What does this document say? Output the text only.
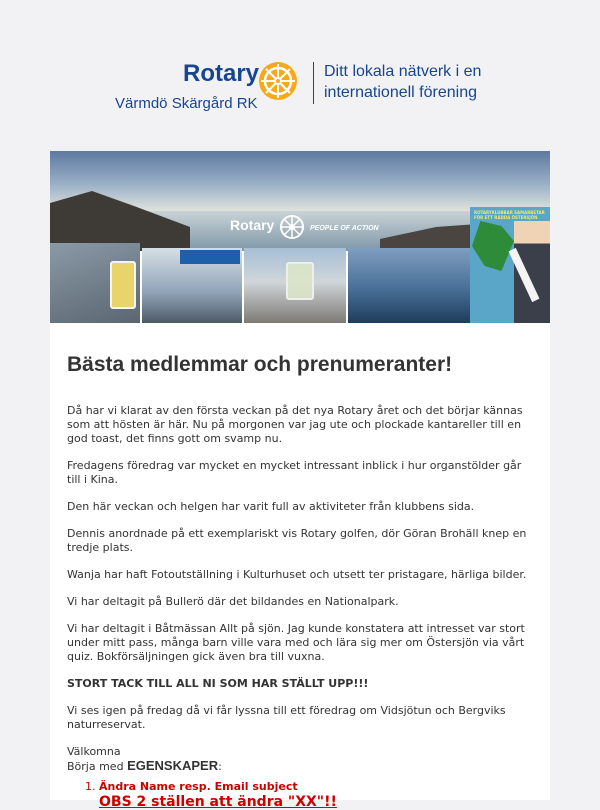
Rotary
Värmdö Skärgård RK
Ditt lokala nätverk i en
internationell förening
Rotary	PEOPLE OF ACTION
ROTARYKLUBBAR SAMARBETAR FÖR ETT RÅDDA ÖSTERSJÖN
Bästa medlemmar och prenumeranter!

Då har vi klarat av den första veckan på det nya Rotary året och det börjar kännas som att hösten är här. Nu på morgonen var jag ute och plockade kantareller till en god toast, det finns gott om svamp nu.

Fredagens föredrag var mycket en mycket intressant inblick i hur organstölder går till i Kina.

Den här veckan och helgen har varit full av aktiviteter från klubbens sida.

Dennis anordnade på ett exemplariskt vis Rotary golfen, dör Göran Brohäll knep en tredje plats.

Wanja har haft Fotoutställning i Kulturhuset och utsett ter pristagare, härliga bilder.

Vi har deltagit på Bullerö där det bildandes en Nationalpark.

Vi har deltagit i Båtmässan Allt på sjön. Jag kunde konstatera att intresset var stort under mitt pass, många barn ville vara med och lära sig mer om Östersjön via vårt quiz. Bokförsäljningen gick även bra till vuxna.

STORT TACK TILL ALL NI SOM HAR STÄLLT UPP!!!

Vi ses igen på fredag då vi får lyssna till ett föredrag om Vidsjötun och Bergviks naturreservat.

Välkomna

Börja med EGENSKAPER:

1. Ändra Name resp. Email subject
OBS 2 ställen att ändra "XX"!!
